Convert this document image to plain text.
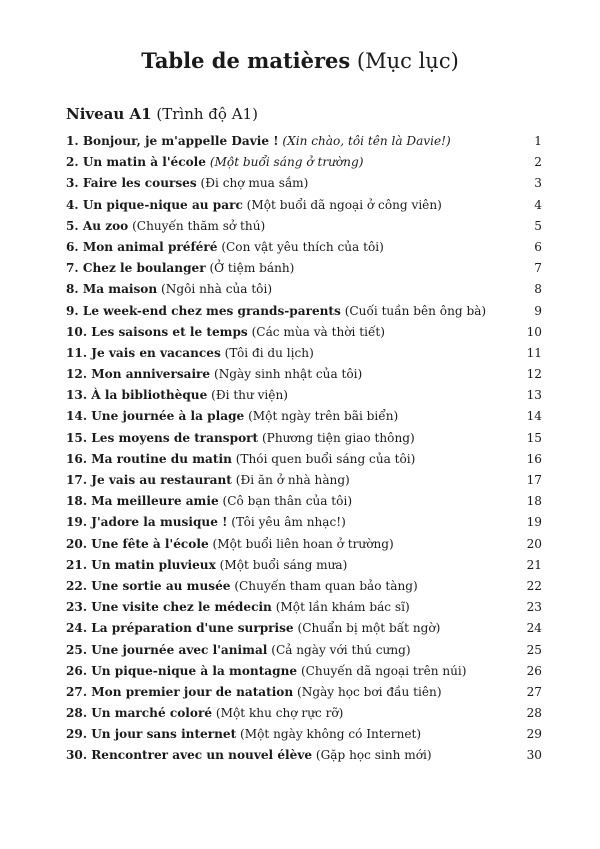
Table de matières (Mục lục)
Niveau A1 (Trình độ A1)
1. Bonjour, je m'appelle Davie ! (Xin chào, tôi tên là Davie!)	1
2. Un matin à l'école (Một buổi sáng ở trường)	2
3. Faire les courses (Đi chợ mua sắm)	3
4. Un pique-nique au parc (Một buổi dã ngoại ở công viên)	4
5. Au zoo (Chuyến thăm sở thú)	5
6. Mon animal préféré (Con vật yêu thích của tôi)	6
7. Chez le boulanger (Ở tiệm bánh)	7
8. Ma maison (Ngôi nhà của tôi)	8
9. Le week-end chez mes grands-parents (Cuối tuần bên ông bà)	9
10. Les saisons et le temps (Các mùa và thời tiết)	10
11. Je vais en vacances (Tôi đi du lịch)	11
12. Mon anniversaire (Ngày sinh nhật của tôi)	12
13. À la bibliothèque (Đi thư viện)	13
14. Une journée à la plage (Một ngày trên bãi biển)	14
15. Les moyens de transport (Phương tiện giao thông)	15
16. Ma routine du matin (Thói quen buổi sáng của tôi)	16
17. Je vais au restaurant (Đi ăn ở nhà hàng)	17
18. Ma meilleure amie (Cô bạn thân của tôi)	18
19. J'adore la musique ! (Tôi yêu âm nhạc!)	19
20. Une fête à l'école (Một buổi liên hoan ở trường)	20
21. Un matin pluvieux (Một buổi sáng mưa)	21
22. Une sortie au musée (Chuyến tham quan bảo tàng)	22
23. Une visite chez le médecin (Một lần khám bác sĩ)	23
24. La préparation d'une surprise (Chuẩn bị một bất ngờ)	24
25. Une journée avec l'animal (Cả ngày với thú cưng)	25
26. Un pique-nique à la montagne (Chuyến dã ngoại trên núi)	26
27. Mon premier jour de natation (Ngày học bơi đầu tiên)	27
28. Un marché coloré (Một khu chợ rực rỡ)	28
29. Un jour sans internet (Một ngày không có Internet)	29
30. Rencontrer avec un nouvel élève (Gặp học sinh mới)	30
